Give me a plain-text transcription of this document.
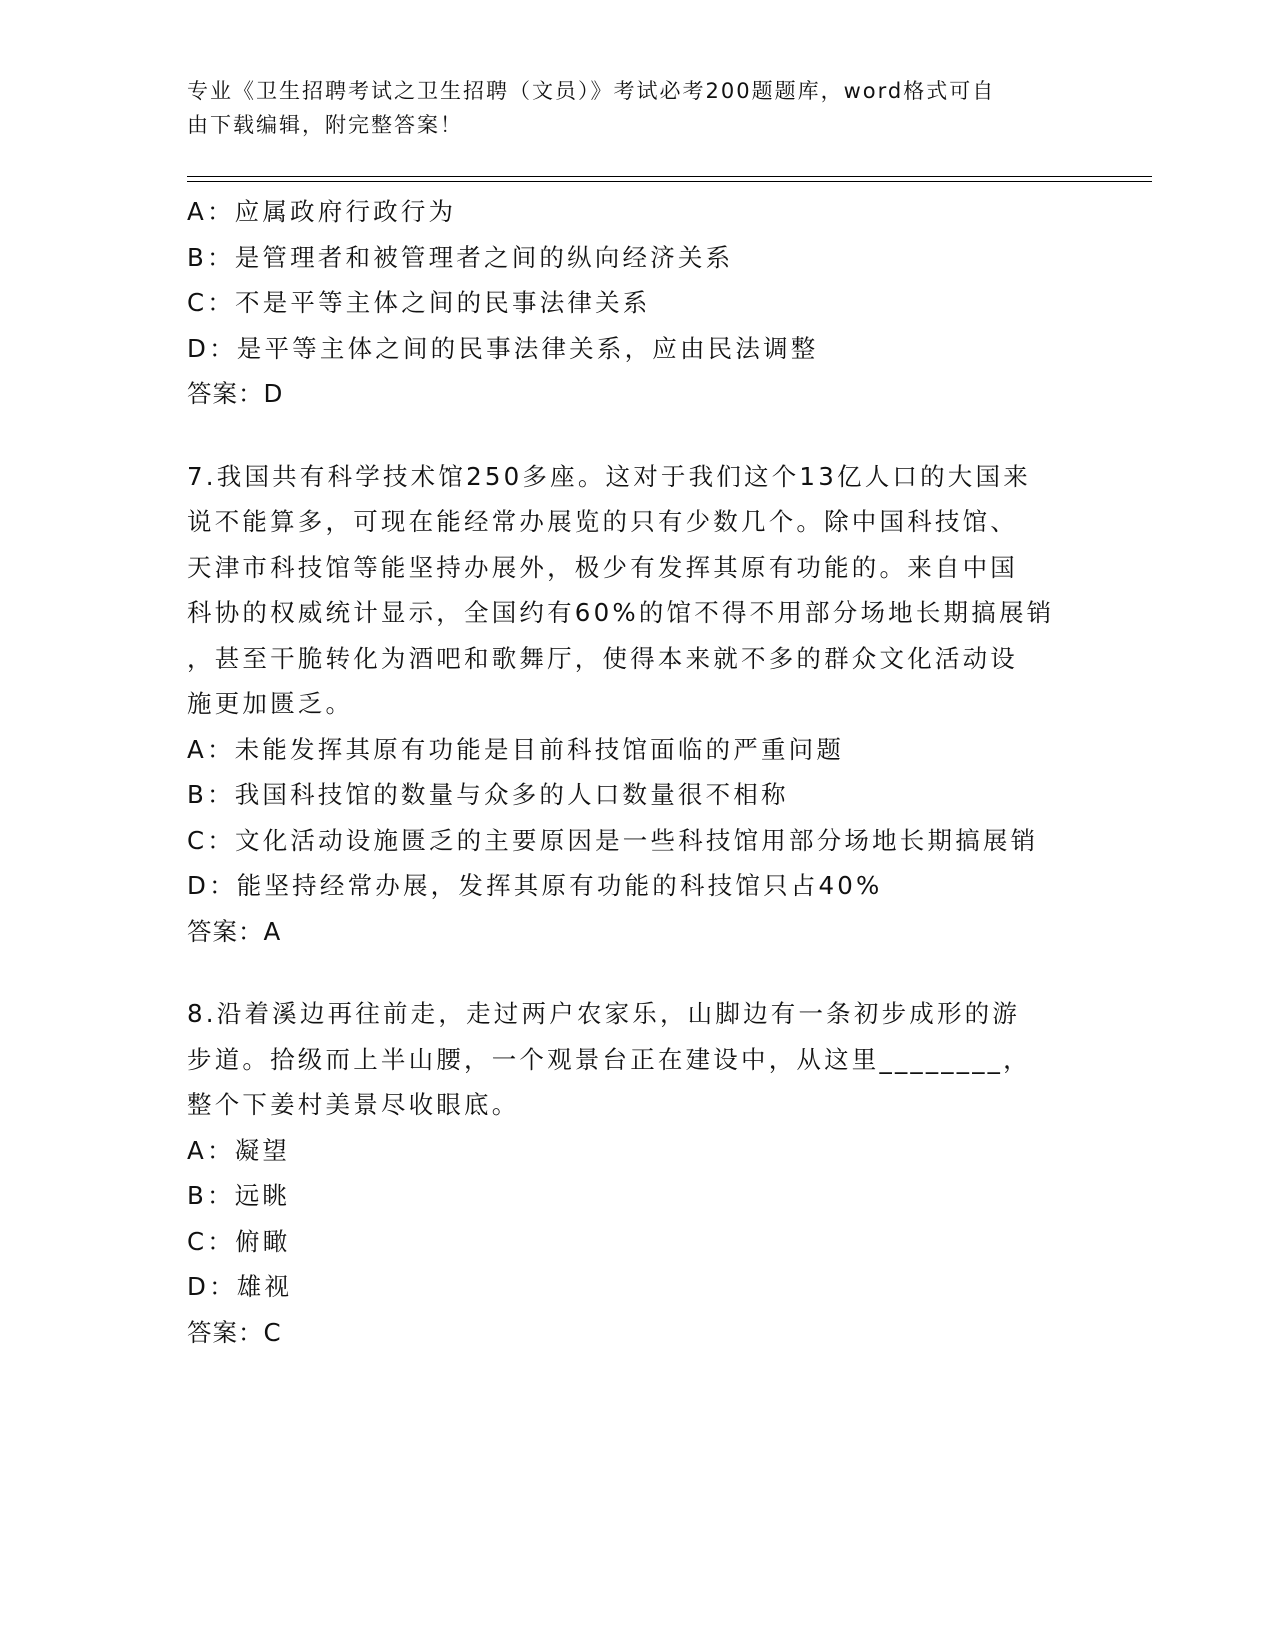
专业《卫生招聘考试之卫生招聘（文员）》考试必考200题题库，word格式可自
由下载编辑，附完整答案！
A：应属政府行政行为
B：是管理者和被管理者之间的纵向经济关系
C：不是平等主体之间的民事法律关系
D：是平等主体之间的民事法律关系，应由民法调整
答案：D
7.我国共有科学技术馆250多座。这对于我们这个13亿人口的大国来
说不能算多，可现在能经常办展览的只有少数几个。除中国科技馆、
天津市科技馆等能坚持办展外，极少有发挥其原有功能的。来自中国
科协的权威统计显示，全国约有60%的馆不得不用部分场地长期搞展销
，甚至干脆转化为酒吧和歌舞厅，使得本来就不多的群众文化活动设
施更加匮乏。
A：未能发挥其原有功能是目前科技馆面临的严重问题
B：我国科技馆的数量与众多的人口数量很不相称
C：文化活动设施匮乏的主要原因是一些科技馆用部分场地长期搞展销
D：能坚持经常办展，发挥其原有功能的科技馆只占40%
答案：A
8.沿着溪边再往前走，走过两户农家乐，山脚边有一条初步成形的游
步道。拾级而上半山腰，一个观景台正在建设中，从这里________，
整个下姜村美景尽收眼底。
A：凝望
B：远眺
C：俯瞰
D：雄视
答案：C
